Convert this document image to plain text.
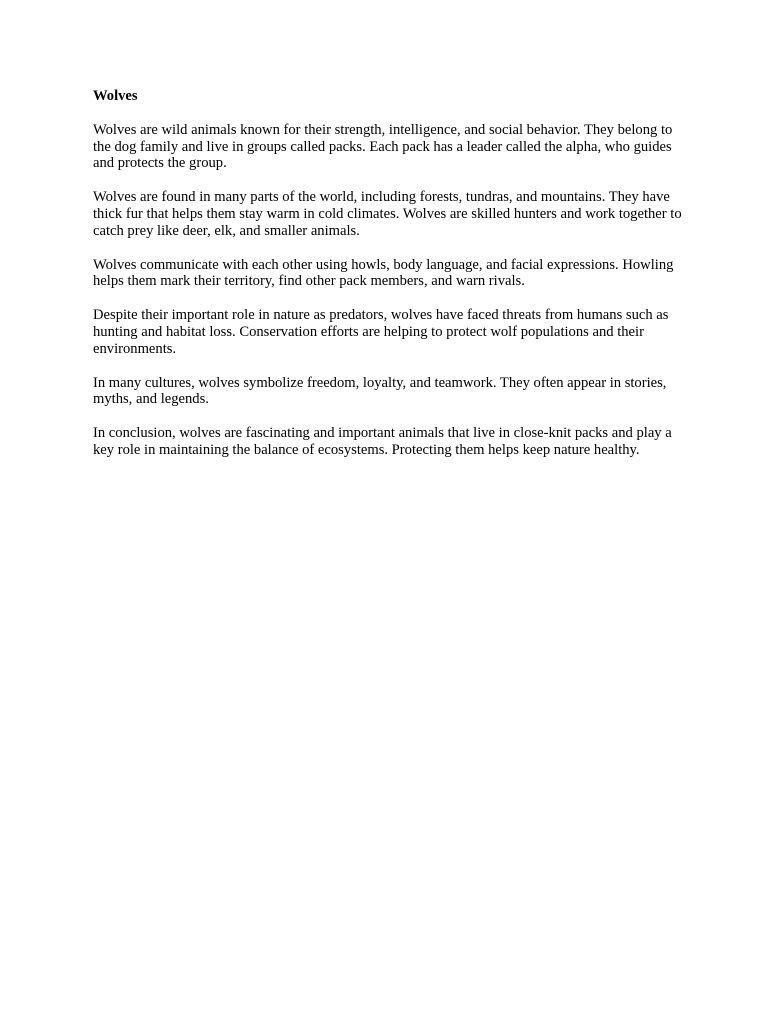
Wolves

Wolves are wild animals known for their strength, intelligence, and social behavior. They belong to the dog family and live in groups called packs. Each pack has a leader called the alpha, who guides and protects the group.

Wolves are found in many parts of the world, including forests, tundras, and mountains. They have thick fur that helps them stay warm in cold climates. Wolves are skilled hunters and work together to catch prey like deer, elk, and smaller animals.

Wolves communicate with each other using howls, body language, and facial expressions. Howling helps them mark their territory, find other pack members, and warn rivals.

Despite their important role in nature as predators, wolves have faced threats from humans such as hunting and habitat loss. Conservation efforts are helping to protect wolf populations and their environments.

In many cultures, wolves symbolize freedom, loyalty, and teamwork. They often appear in stories, myths, and legends.

In conclusion, wolves are fascinating and important animals that live in close-knit packs and play a key role in maintaining the balance of ecosystems. Protecting them helps keep nature healthy.
